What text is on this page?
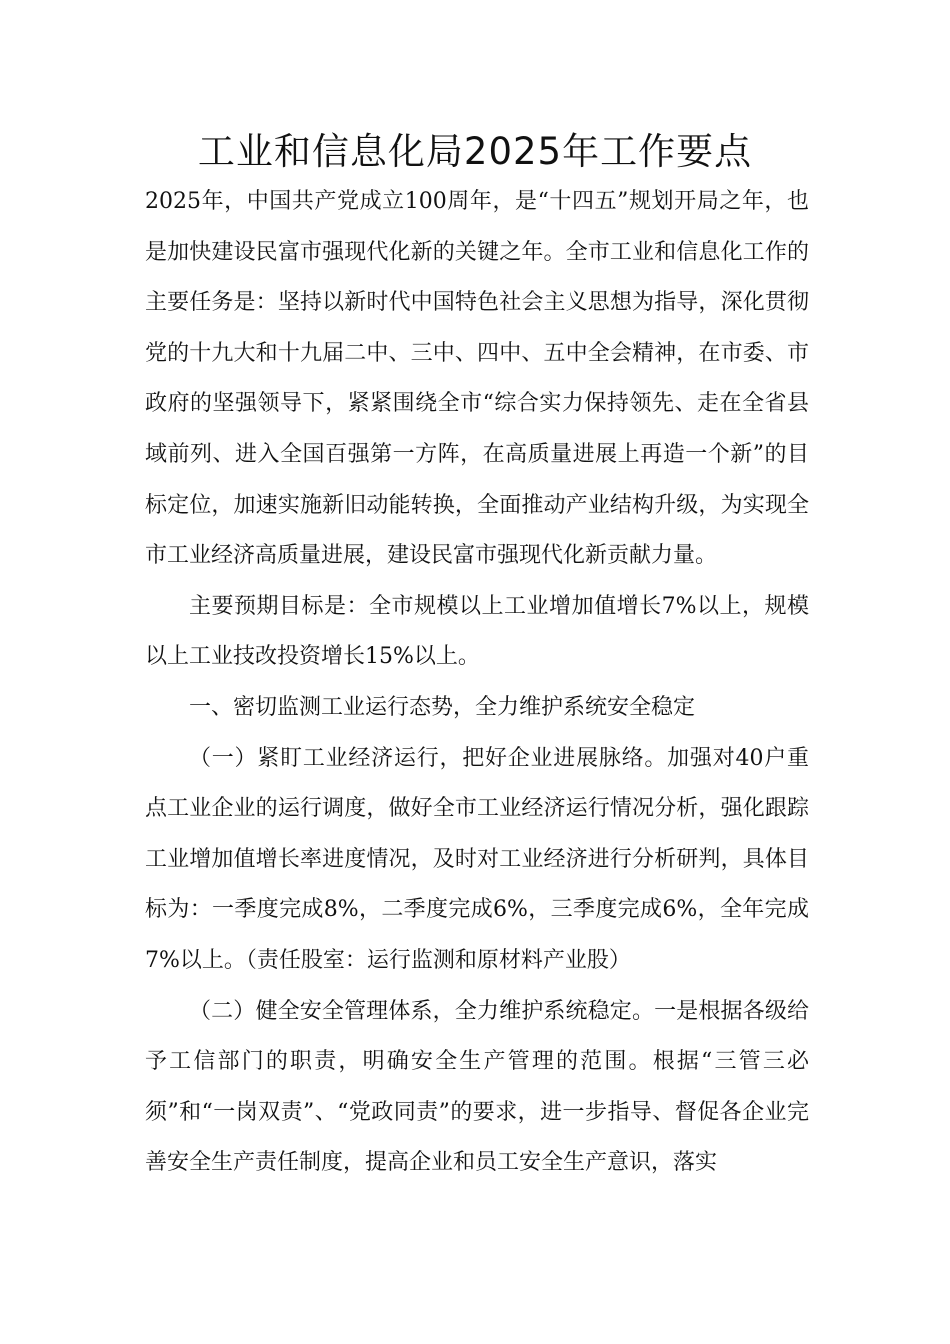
工业和信息化局2025年工作要点

2025年，中国共产党成立100周年，是“十四五”规划开局之年，也是加快建设民富市强现代化新的关键之年。全市工业和信息化工作的主要任务是：坚持以新时代中国特色社会主义思想为指导，深化贯彻党的十九大和十九届二中、三中、四中、五中全会精神，在市委、市政府的坚强领导下，紧紧围绕全市“综合实力保持领先、走在全省县域前列、进入全国百强第一方阵，在高质量进展上再造一个新”的目标定位，加速实施新旧动能转换，全面推动产业结构升级，为实现全市工业经济高质量进展，建设民富市强现代化新贡献力量。

主要预期目标是：全市规模以上工业增加值增长7%以上，规模以上工业技改投资增长15%以上。

一、密切监测工业运行态势，全力维护系统安全稳定

（一）紧盯工业经济运行，把好企业进展脉络。加强对40户重点工业企业的运行调度，做好全市工业经济运行情况分析，强化跟踪工业增加值增长率进度情况，及时对工业经济进行分析研判，具体目标为：一季度完成8%，二季度完成6%，三季度完成6%，全年完成7%以上。（责任股室：运行监测和原材料产业股）

（二）健全安全管理体系，全力维护系统稳定。一是根据各级给予工信部门的职责，明确安全生产管理的范围。根据“三管三必须”和“一岗双责”、“党政同责”的要求，进一步指导、督促各企业完善安全生产责任制度，提高企业和员工安全生产意识，落实
